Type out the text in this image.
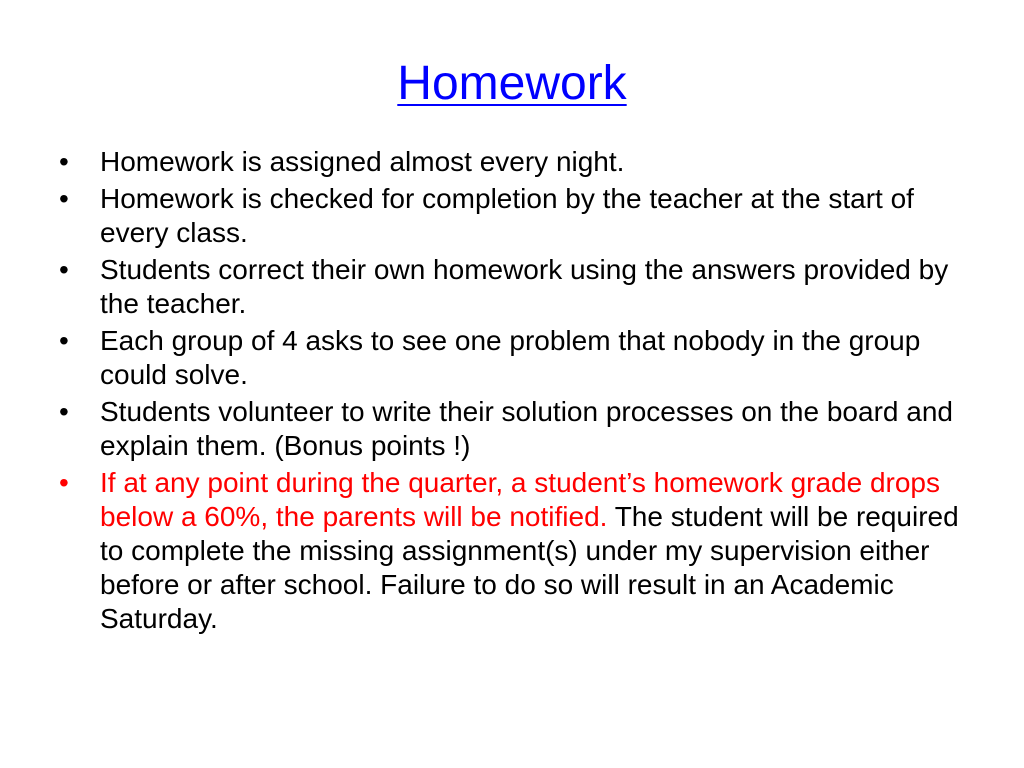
Homework
•	Homework is assigned almost every night.
•	Homework is checked for completion by the teacher at the start of every class.
•	Students correct their own homework using the answers provided by the teacher.
•	Each group of 4 asks to see one problem that nobody in the group could solve.
•	Students volunteer to write their solution processes on the board and explain them. (Bonus points !)
•	If at any point during the quarter, a student’s homework grade drops below a 60%, the parents will be notified. The student will be required to complete the missing assignment(s) under my supervision either before or after school. Failure to do so will result in an Academic Saturday.
